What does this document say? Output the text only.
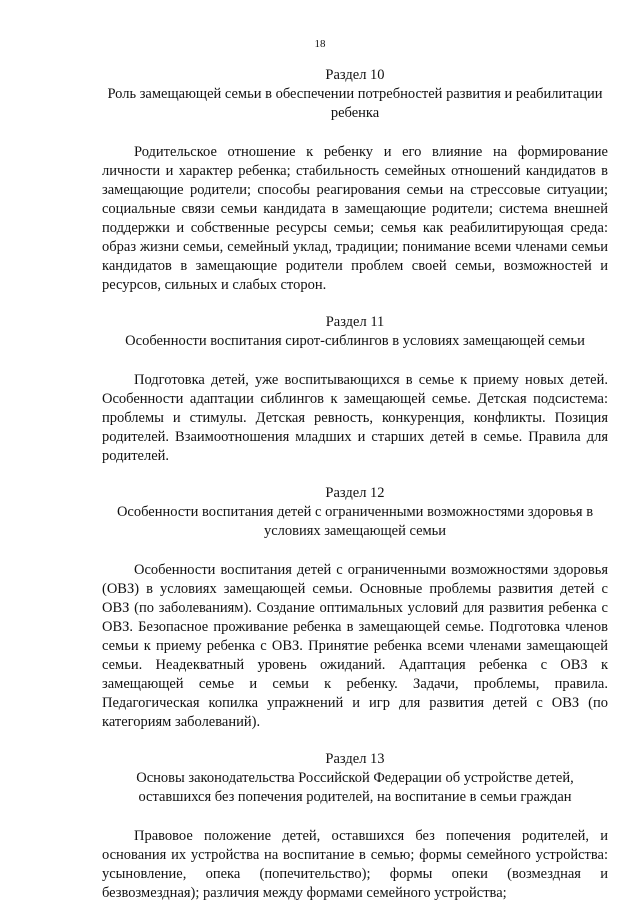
18

Раздел 10

Роль замещающей семьи в обеспечении потребностей развития и реабилитации ребенка

Родительское отношение к ребенку и его влияние на формирование личности и характер ребенка; стабильность семейных отношений кандидатов в замещающие родители; способы реагирования семьи на стрессовые ситуации; социальные связи семьи кандидата в замещающие родители; система внешней поддержки и собственные ресурсы семьи; семья как реабилитирующая среда: образ жизни семьи, семейный уклад, традиции; понимание всеми членами семьи кандидатов в замещающие родители проблем своей семьи, возможностей и ресурсов, сильных и слабых сторон.

Раздел 11

Особенности воспитания сирот-сиблингов в условиях замещающей семьи

Подготовка детей, уже воспитывающихся в семье к приему новых детей. Особенности адаптации сиблингов к замещающей семье. Детская подсистема: проблемы и стимулы. Детская ревность, конкуренция, конфликты. Позиция родителей. Взаимоотношения младших и старших детей в семье. Правила для родителей.

Раздел 12

Особенности воспитания детей с ограниченными возможностями здоровья в условиях замещающей семьи

Особенности воспитания детей с ограниченными возможностями здоровья (ОВЗ) в условиях замещающей семьи. Основные проблемы развития детей с ОВЗ (по заболеваниям). Создание оптимальных условий для развития ребенка с ОВЗ. Безопасное проживание ребенка в замещающей семье. Подготовка членов семьи к приему ребенка с ОВЗ. Принятие ребенка всеми членами замещающей семьи. Неадекватный уровень ожиданий. Адаптация ребенка с ОВЗ к замещающей семье и семьи к ребенку. Задачи, проблемы, правила. Педагогическая копилка упражнений и игр для развития детей с ОВЗ (по категориям заболеваний).

Раздел 13

Основы законодательства Российской Федерации об устройстве детей, оставшихся без попечения родителей, на воспитание в семьи граждан

Правовое положение детей, оставшихся без попечения родителей, и основания их устройства на воспитание в семью; формы семейного устройства: усыновление, опека (попечительство); формы опеки (возмездная и безвозмездная); различия между формами семейного устройства;
